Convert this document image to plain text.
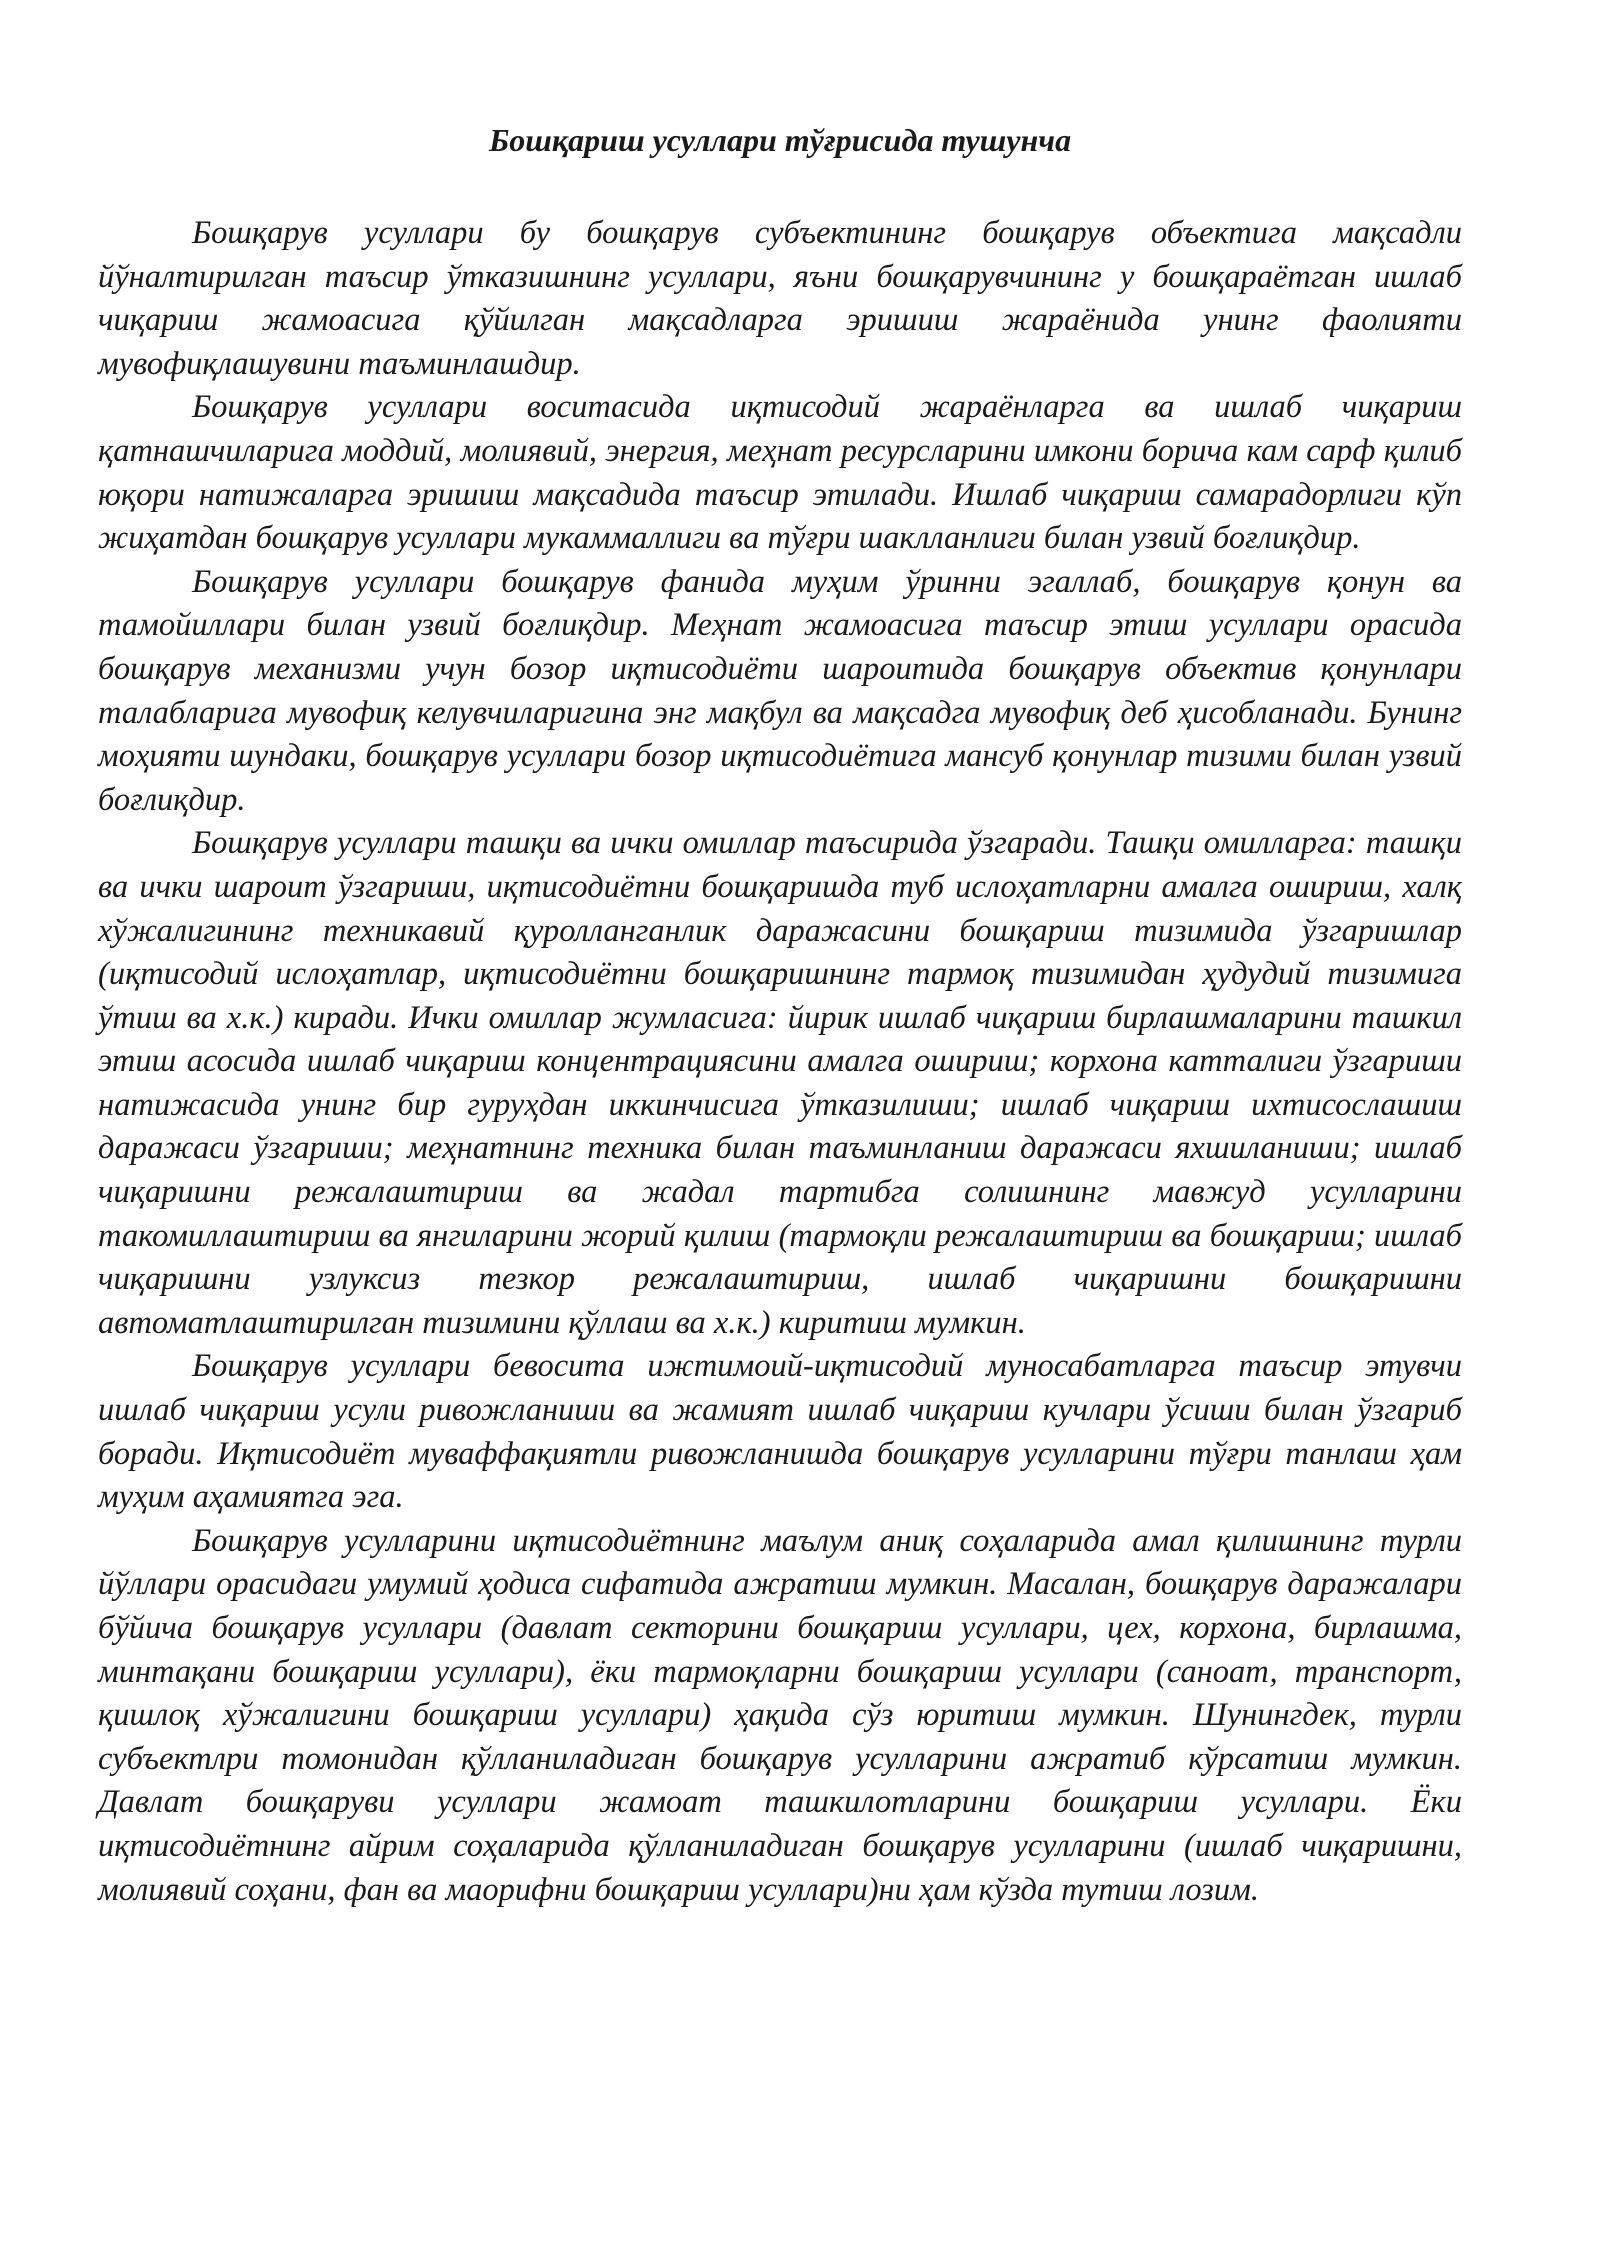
Бошқариш усуллари тўғрисида тушунча

Бошқарув усуллари бу бошқарув субъектининг бошқарув объектига мақсадли йўналтирилган таъсир ўтказишнинг усуллари, яъни бошқарувчининг у бошқараётган ишлаб чиқариш жамоасига қўйилган мақсадларга эришиш жараёнида унинг фаолияти мувофиқлашувини таъминлашдир.

Бошқарув усуллари воситасида иқтисодий жараёнларга ва ишлаб чиқариш қатнашчиларига моддий, молиявий, энергия, меҳнат ресурсларини имкони борича кам сарф қилиб юқори натижаларга эришиш мақсадида таъсир этилади. Ишлаб чиқариш самарадорлиги кўп жиҳатдан бошқарув усуллари мукаммаллиги ва тўғри шаклланлиги билан узвий боғлиқдир.

Бошқарув усуллари бошқарув фанида муҳим ўринни эгаллаб, бошқарув қонун ва тамойиллари билан узвий боғлиқдир. Меҳнат жамоасига таъсир этиш усуллари орасида бошқарув механизми учун бозор иқтисодиёти шароитида бошқарув объектив қонунлари талабларига мувофиқ келувчиларигина энг мақбул ва мақсадга мувофиқ деб ҳисобланади. Бунинг моҳияти шундаки, бошқарув усуллари бозор иқтисодиётига мансуб қонунлар тизими билан узвий боғлиқдир.

Бошқарув усуллари ташқи ва ички омиллар таъсирида ўзгаради. Ташқи омилларга: ташқи ва ички шароит ўзгариши, иқтисодиётни бошқаришда туб ислоҳатларни амалга ошириш, халқ хўжалигининг техникавий қуролланганлик даражасини бошқариш тизимида ўзгаришлар (иқтисодий ислоҳатлар, иқтисодиётни бошқаришнинг тармоқ тизимидан ҳудудий тизимига ўтиш ва х.к.) киради. Ички омиллар жумласига: йирик ишлаб чиқариш бирлашмаларини ташкил этиш асосида ишлаб чиқариш концентрациясини амалга ошириш; корхона катталиги ўзгариши натижасида унинг бир гуруҳдан иккинчисига ўтказилиши; ишлаб чиқариш ихтисослашиш даражаси ўзгариши; меҳнатнинг техника билан таъминланиш даражаси яхшиланиши; ишлаб чиқаришни режалаштириш ва жадал тартибга солишнинг мавжуд усулларини такомиллаштириш ва янгиларини жорий қилиш (тармоқли режалаштириш ва бошқариш; ишлаб чиқаришни узлуксиз тезкор режалаштириш, ишлаб чиқаришни бошқаришни автоматлаштирилган тизимини қўллаш ва х.к.) киритиш мумкин.

Бошқарув усуллари бевосита ижтимоий-иқтисодий муносабатларга таъсир этувчи ишлаб чиқариш усули ривожланиши ва жамият ишлаб чиқариш кучлари ўсиши билан ўзгариб боради. Иқтисодиёт муваффақиятли ривожланишда бошқарув усулларини тўғри танлаш ҳам муҳим аҳамиятга эга.

Бошқарув усулларини иқтисодиётнинг маълум аниқ соҳаларида амал қилишнинг турли йўллари орасидаги умумий ҳодиса сифатида ажратиш мумкин. Масалан, бошқарув даражалари бўйича бошқарув усуллари (давлат секторини бошқариш усуллари, цех, корхона, бирлашма, минтақани бошқариш усуллари), ёки тармоқларни бошқариш усуллари (саноат, транспорт, қишлоқ хўжалигини бошқариш усуллари) ҳақида сўз юритиш мумкин. Шунингдек, турли субъектлри томонидан қўлланиладиган бошқарув усулларини ажратиб кўрсатиш мумкин. Давлат бошқаруви усуллари жамоат ташкилотларини бошқариш усуллари. Ёки иқтисодиётнинг айрим соҳаларида қўлланиладиган бошқарув усулларини (ишлаб чиқаришни, молиявий соҳани, фан ва маорифни бошқариш усуллари)ни ҳам кўзда тутиш лозим.
